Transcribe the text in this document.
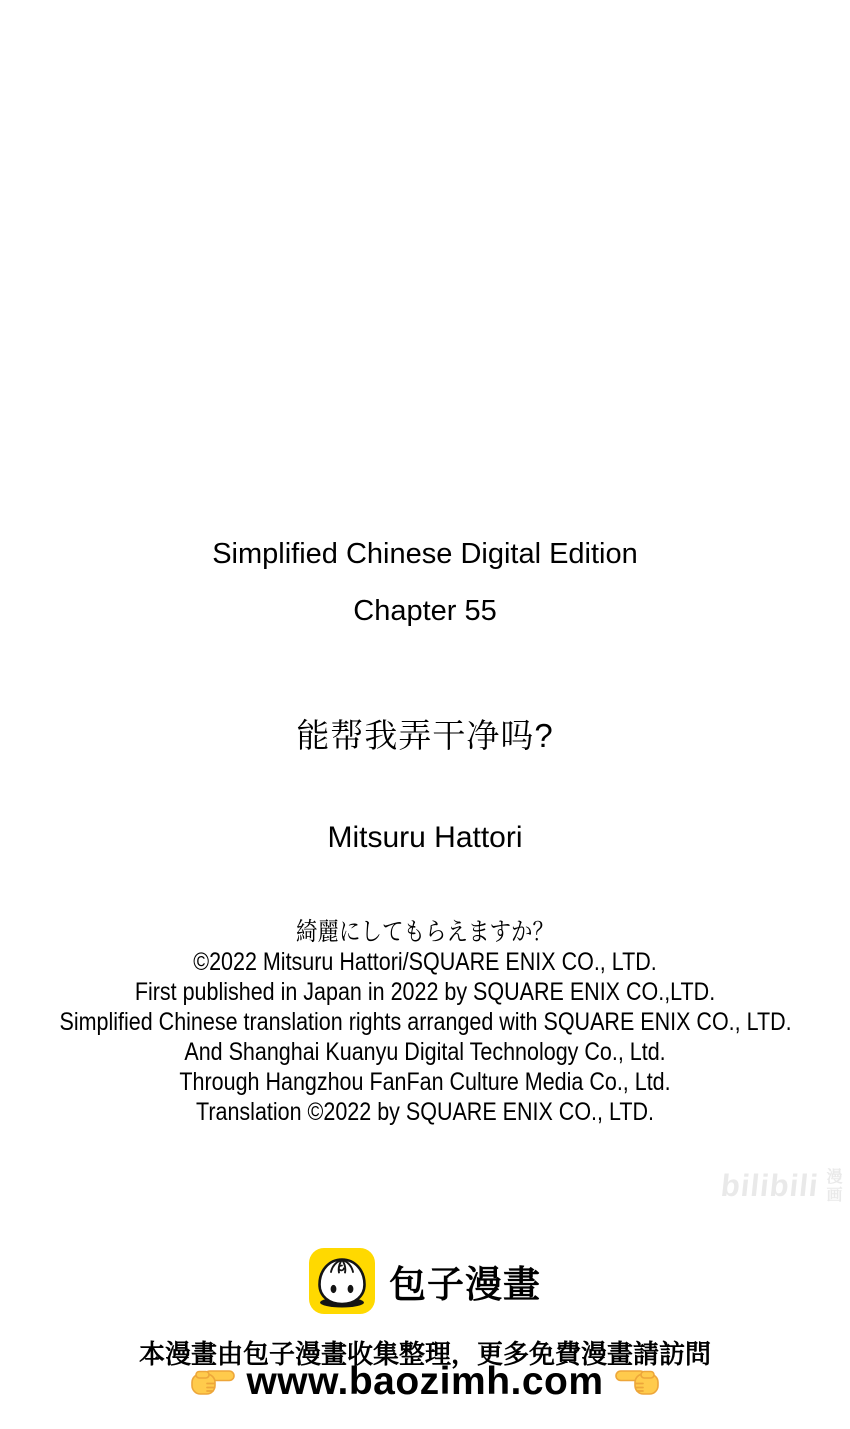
Simplified Chinese Digital Edition
Chapter 55
能帮我弄干净吗?
Mitsuru Hattori
綺麗にしてもらえますか？
©2022 Mitsuru Hattori/SQUARE ENIX CO., LTD.
First published in Japan in 2022 by SQUARE ENIX CO.,LTD.
Simplified Chinese translation rights arranged with SQUARE ENIX CO., LTD.
And Shanghai Kuanyu Digital Technology Co., Ltd.
Through Hangzhou FanFan Culture Media Co., Ltd.
Translation ©2022 by SQUARE ENIX CO., LTD.
bilibili 漫画
包子漫畫
本漫畫由包子漫畫收集整理，更多免費漫畫請訪問
www.baozimh.com
